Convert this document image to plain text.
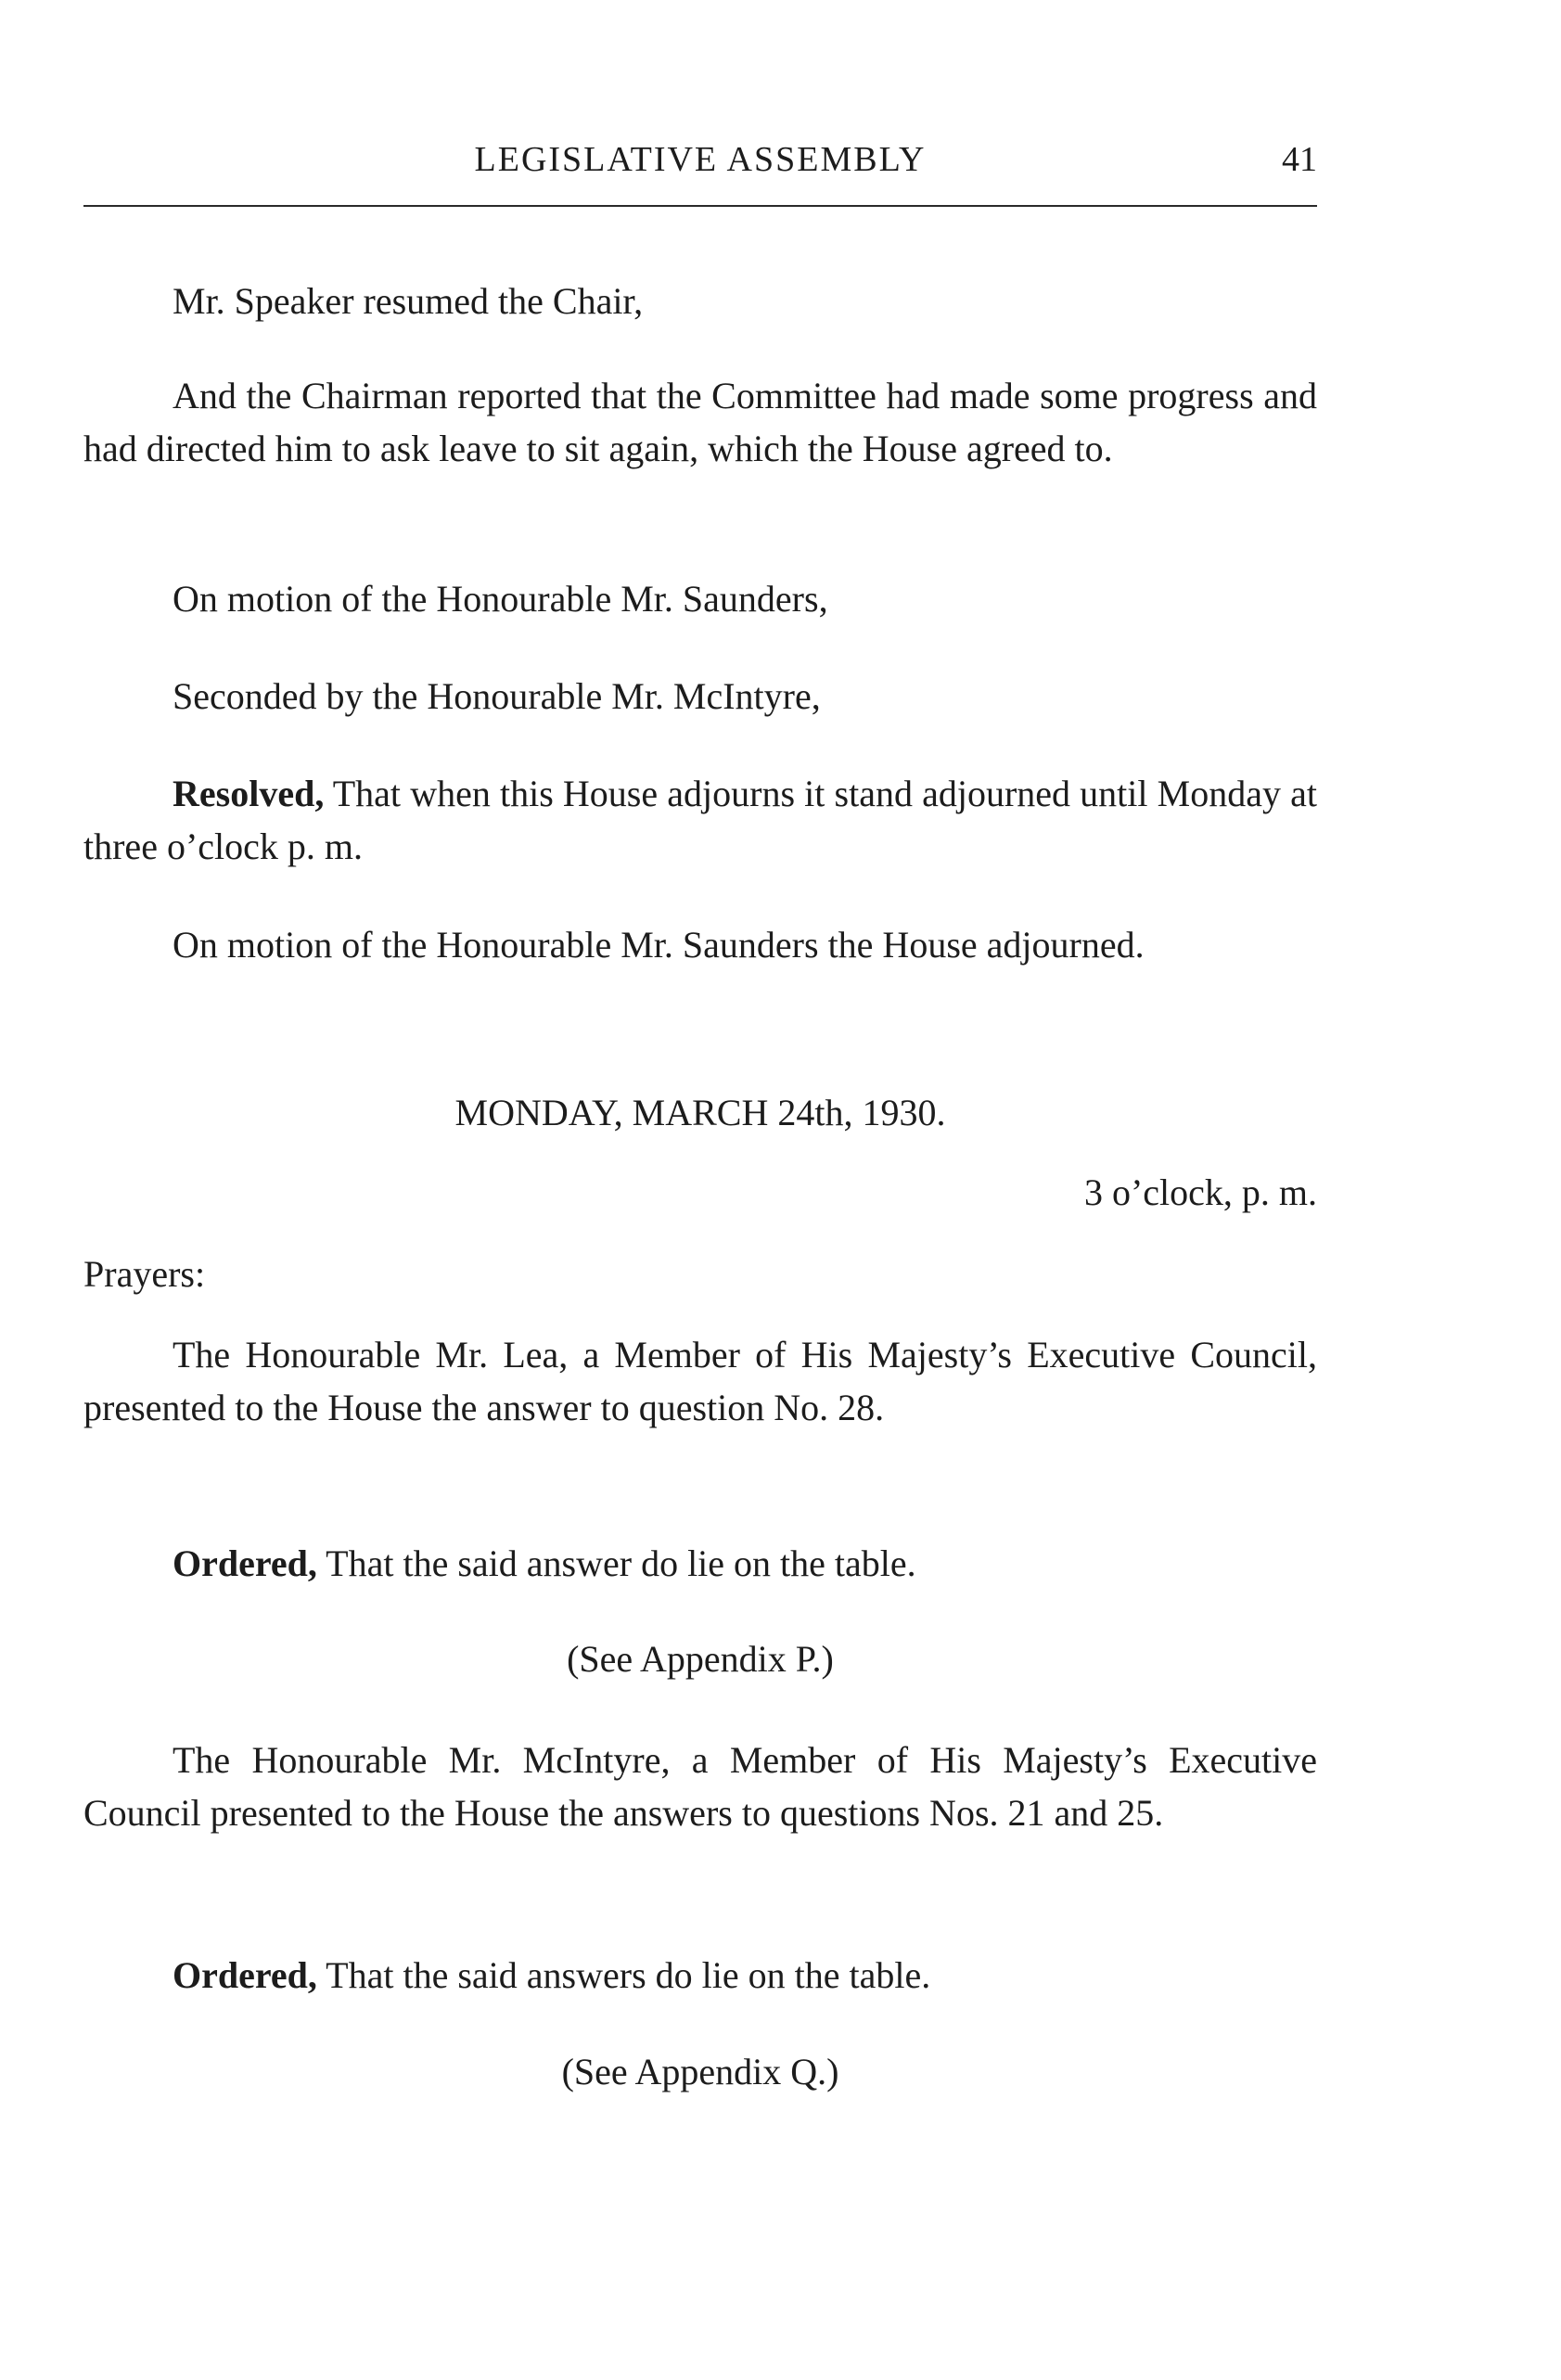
LEGISLATIVE ASSEMBLY	41

Mr. Speaker resumed the Chair,

And the Chairman reported that the Committee had made some progress and had directed him to ask leave to sit again, which the House agreed to.

On motion of the Honourable Mr. Saunders,

Seconded by the Honourable Mr. McIntyre,

Resolved, That when this House adjourns it stand adjourned until Monday at three o’clock p. m.

On motion of the Honourable Mr. Saunders the House adjourned.

MONDAY, MARCH 24th, 1930.

3 o’clock, p. m.

Prayers:

The Honourable Mr. Lea, a Member of His Majesty’s Executive Council, presented to the House the answer to question No. 28.

Ordered, That the said answer do lie on the table.

(See Appendix P.)

The Honourable Mr. McIntyre, a Member of His Majesty’s Executive Council presented to the House the answers to questions Nos. 21 and 25.

Ordered, That the said answers do lie on the table.

(See Appendix Q.)
